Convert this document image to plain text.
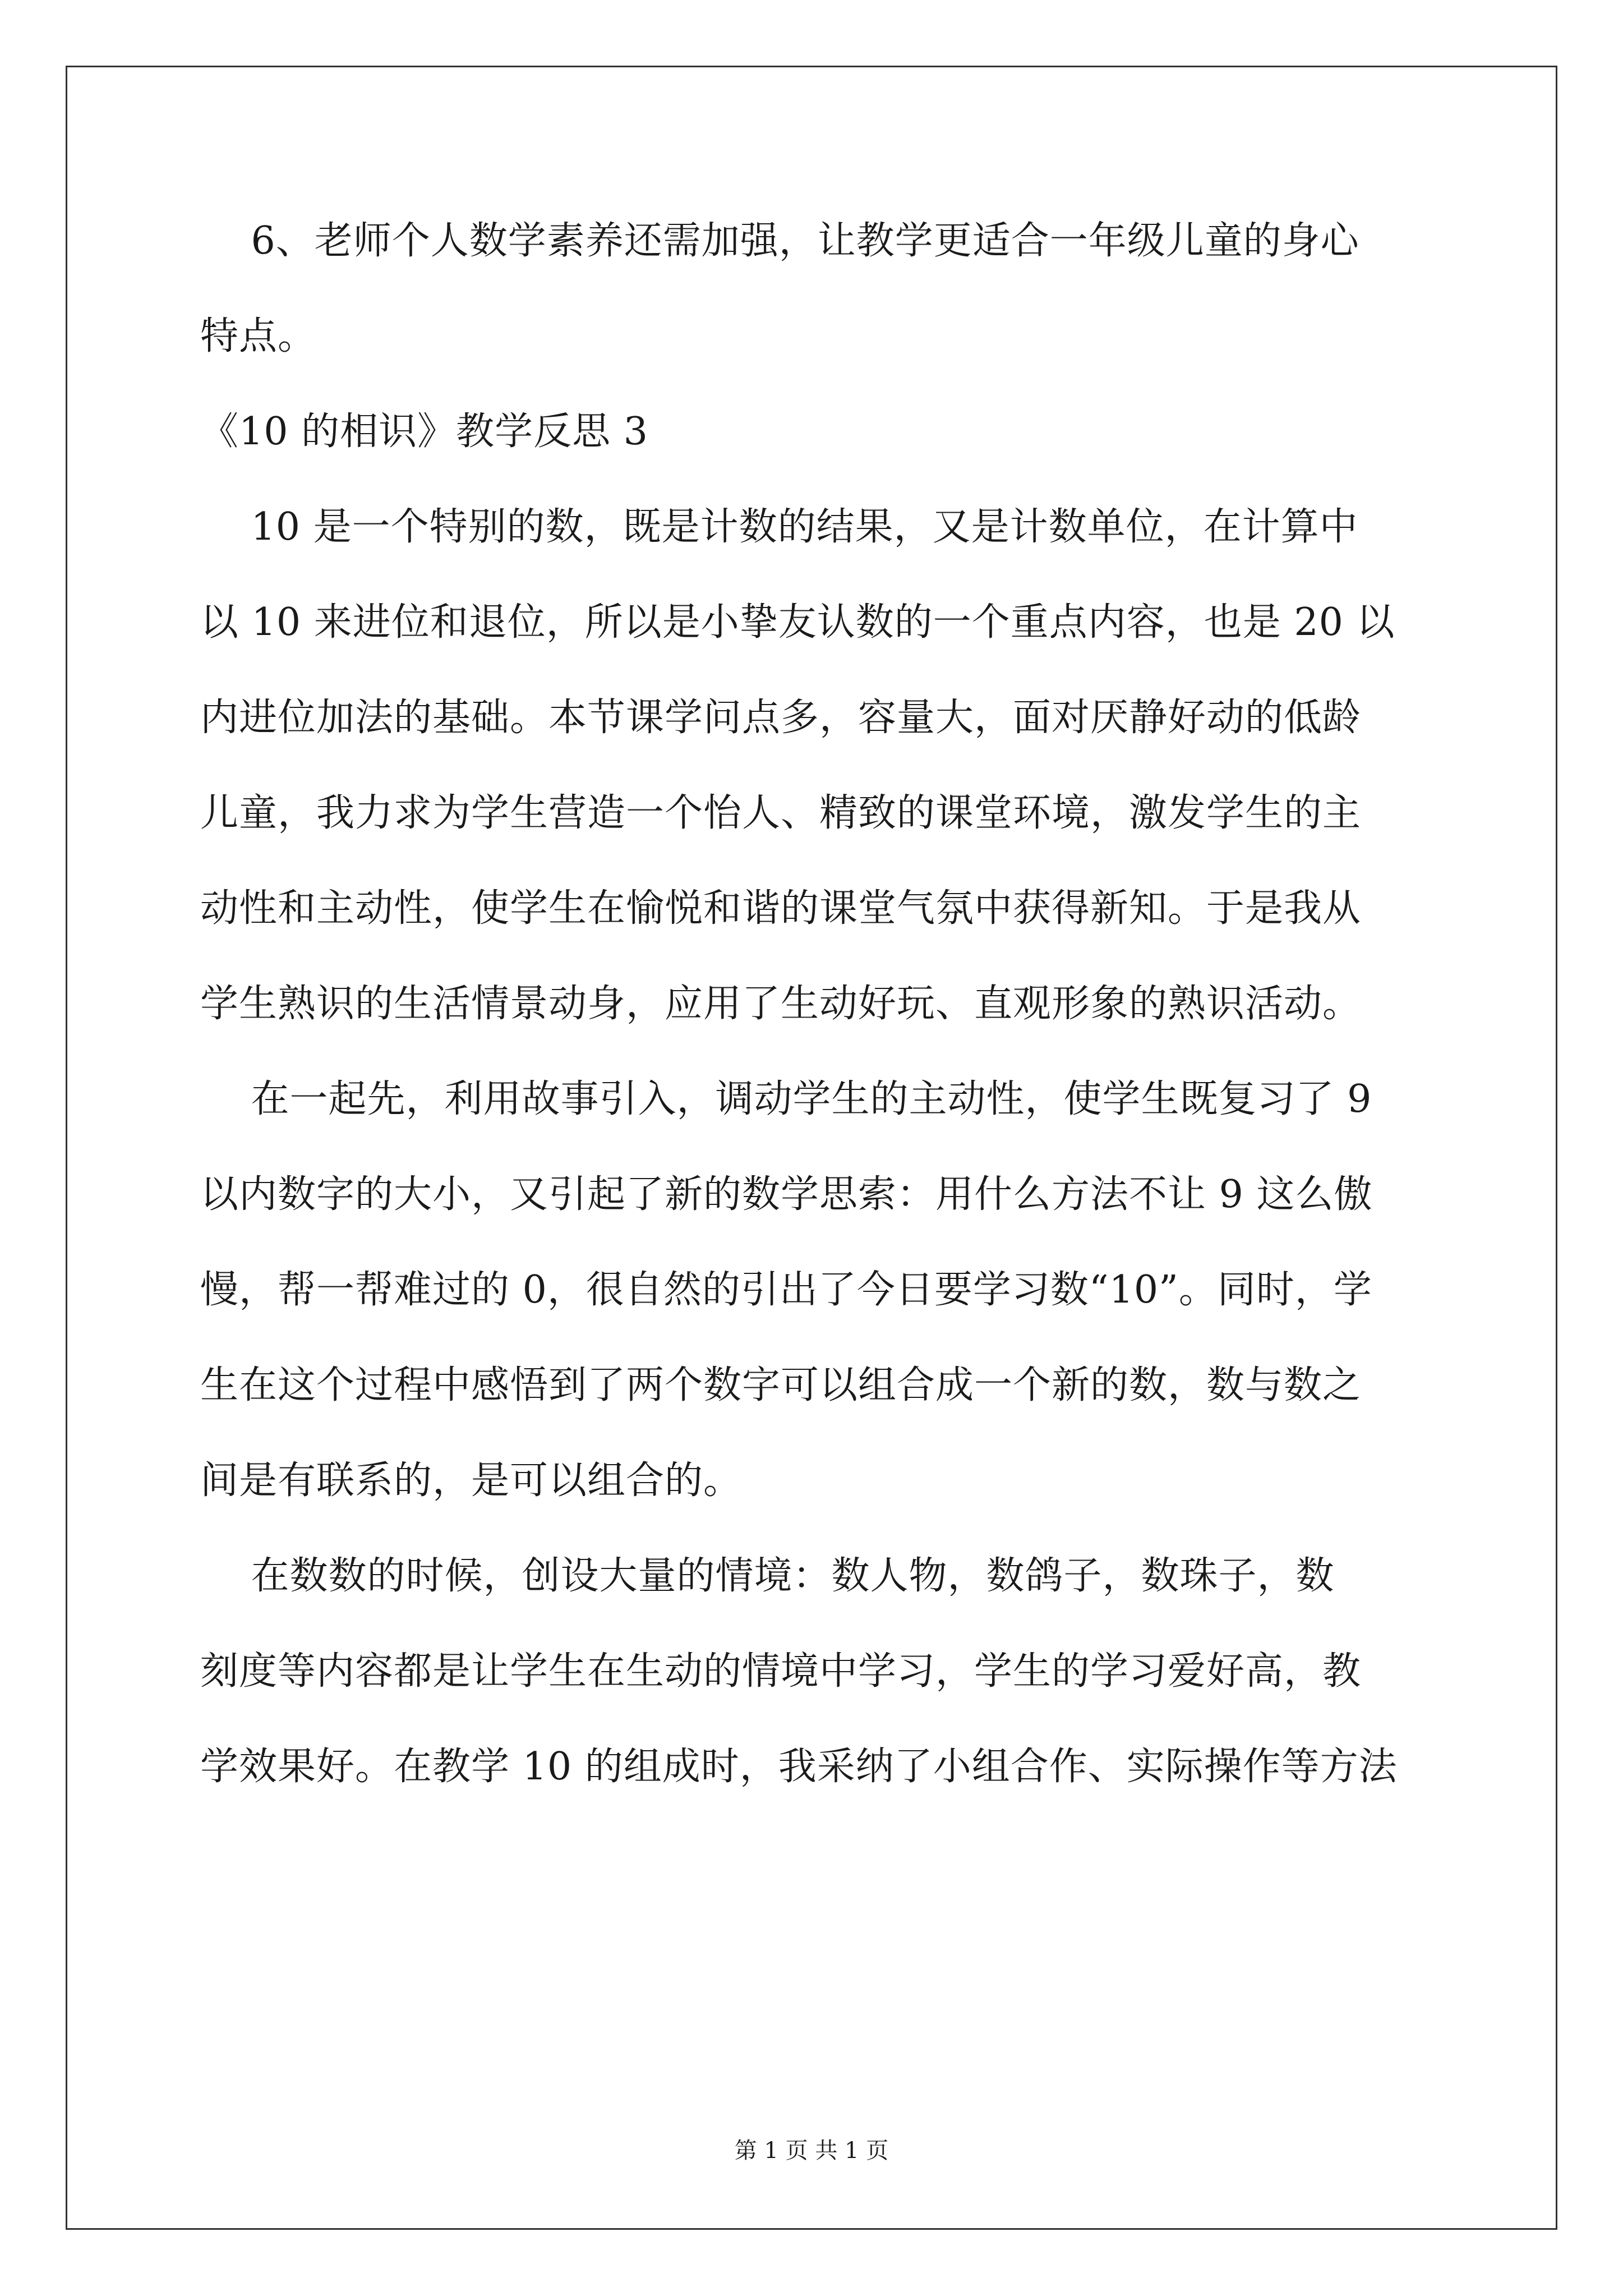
6、老师个人数学素养还需加强，让教学更适合一年级儿童的身心
特点。
《10 的相识》教学反思 3
10 是一个特别的数，既是计数的结果，又是计数单位，在计算中
以 10 来进位和退位，所以是小挚友认数的一个重点内容，也是 20 以
内进位加法的基础。本节课学问点多，容量大，面对厌静好动的低龄
儿童，我力求为学生营造一个怡人、精致的课堂环境，激发学生的主
动性和主动性，使学生在愉悦和谐的课堂气氛中获得新知。于是我从
学生熟识的生活情景动身，应用了生动好玩、直观形象的熟识活动。
在一起先，利用故事引入，调动学生的主动性，使学生既复习了 9
以内数字的大小，又引起了新的数学思索：用什么方法不让 9 这么傲
慢，帮一帮难过的 0，很自然的引出了今日要学习数“10”。同时，学
生在这个过程中感悟到了两个数字可以组合成一个新的数，数与数之
间是有联系的，是可以组合的。
在数数的时候，创设大量的情境：数人物，数鸽子，数珠子，数
刻度等内容都是让学生在生动的情境中学习，学生的学习爱好高，教
学效果好。在教学 10 的组成时，我采纳了小组合作、实际操作等方法
第 1 页 共 1 页
